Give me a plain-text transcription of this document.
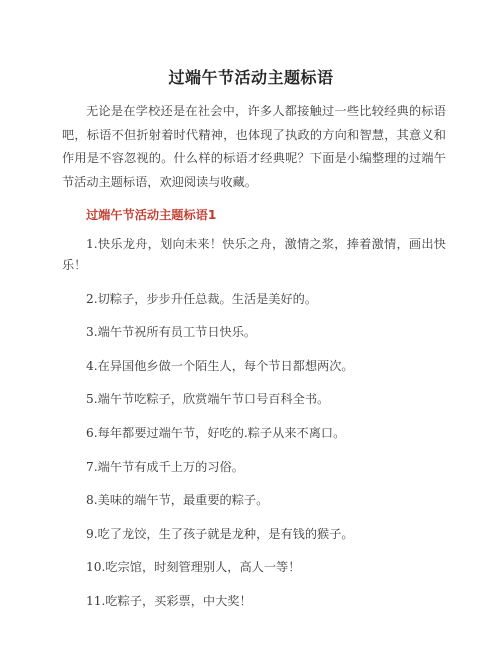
过端午节活动主题标语

无论是在学校还是在社会中，许多人都接触过一些比较经典的标语吧，标语不但折射着时代精神，也体现了执政的方向和智慧，其意义和作用是不容忽视的。什么样的标语才经典呢？下面是小编整理的过端午节活动主题标语，欢迎阅读与收藏。

过端午节活动主题标语1

1.快乐龙舟，划向未来！快乐之舟，激情之浆，捧着激情，画出快乐！
2.切粽子，步步升任总裁。生活是美好的。
3.端午节祝所有员工节日快乐。
4.在异国他乡做一个陌生人，每个节日都想两次。
5.端午节吃粽子，欣赏端午节口号百科全书。
6.每年都要过端午节，好吃的.粽子从来不离口。
7.端午节有成千上万的习俗。
8.美味的端午节，最重要的粽子。
9.吃了龙饺，生了孩子就是龙种，是有钱的猴子。
10.吃宗馆，时刻管理别人，高人一等！
11.吃粽子，买彩票，中大奖！
